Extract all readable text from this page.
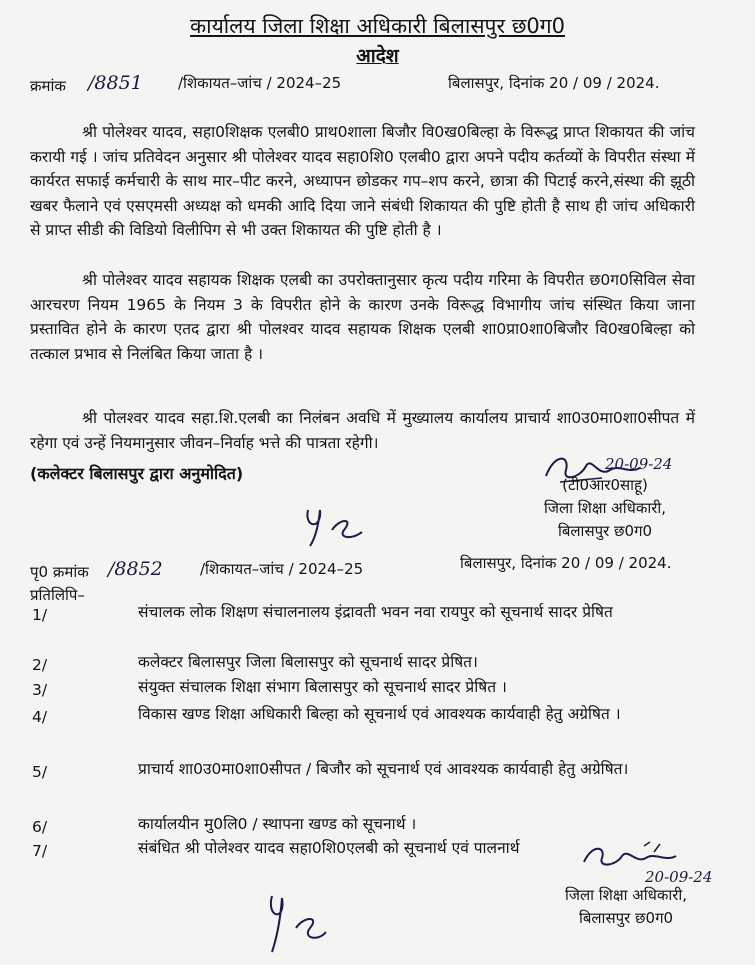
कार्यालय जिला शिक्षा अधिकारी बिलासपुर छ0ग0
आदेश
क्रमांक /8851 /शिकायत–जांच / 2024–25	बिलासपुर, दिनांक 20 / 09 / 2024.
श्री पोलेश्वर यादव, सहा0शिक्षक एलबी0 प्राथ0शाला बिजौर वि0ख0बिल्हा के विरूद्ध प्राप्त शिकायत की जांच करायी गई । जांच प्रतिवेदन अनुसार श्री पोलेश्वर यादव सहा0शि0 एलबी0 द्वारा अपने पदीय कर्तव्यों के विपरीत संस्था में कार्यरत सफाई कर्मचारी के साथ मार–पीट करने, अध्यापन छोडकर गप–शप करने, छात्रा की पिटाई करने,संस्था की झूठी खबर फैलाने एवं एसएमसी अध्यक्ष को धमकी आदि दिया जाने संबंधी शिकायत की पुष्टि होती है साथ ही जांच अधिकारी से प्राप्त सीडी की विडियो विलीपिग से भी उक्त शिकायत की पुष्टि होती है ।
श्री पोलेश्वर यादव सहायक शिक्षक एलबी का उपरोक्तानुसार कृत्य पदीय गरिमा के विपरीत छ0ग0सिविल सेवा आरचरण नियम 1965 के नियम 3 के विपरीत होने के कारण उनके विरूद्ध विभागीय जांच संस्थित किया जाना प्रस्तावित होने के कारण एतद द्वारा श्री पोलश्वर यादव सहायक शिक्षक एलबी शा0प्रा0शा0बिजौर वि0ख0बिल्हा को तत्काल प्रभाव से निलंबित किया जाता है ।
श्री पोलश्वर यादव सहा.शि.एलबी का निलंबन अवधि में मुख्यालय कार्यालय प्राचार्य शा0उ0मा0शा0सीपत में रहेगा एवं उन्हें नियमानुसार जीवन–निर्वाह भत्ते की पात्रता रहेगी।
(कलेक्टर बिलासपुर द्वारा अनुमोदित)	20-09-24
(टी0आर0साहू)
जिला शिक्षा अधिकारी,
बिलासपुर छ0ग0
पृ0 क्रमांक /8852 /शिकायत–जांच / 2024–25	बिलासपुर, दिनांक 20 / 09 / 2024.
प्रतिलिपि–
1/	संचालक लोक शिक्षण संचालनालय इंद्रावती भवन नवा रायपुर को सूचनार्थ सादर प्रेषित
2/	कलेक्टर बिलासपुर जिला बिलासपुर को सूचनार्थ सादर प्रेषित।
3/	संयुक्त संचालक शिक्षा संभाग बिलासपुर को सूचनार्थ सादर प्रेषित ।
4/	विकास खण्ड शिक्षा अधिकारी बिल्हा को सूचनार्थ एवं आवश्यक कार्यवाही हेतु अग्रेषित ।
5/	प्राचार्य शा0उ0मा0शा0सीपत / बिजौर को सूचनार्थ एवं आवश्यक कार्यवाही हेतु अग्रेषित।
6/	कार्यालयीन मु0लि0 / स्थापना खण्ड को सूचनार्थ ।
7/	संबंधित श्री पोलेश्वर यादव सहा0शि0एलबी को सूचनार्थ एवं पालनार्थ
20-09-24
जिला शिक्षा अधिकारी,
बिलासपुर छ0ग0
